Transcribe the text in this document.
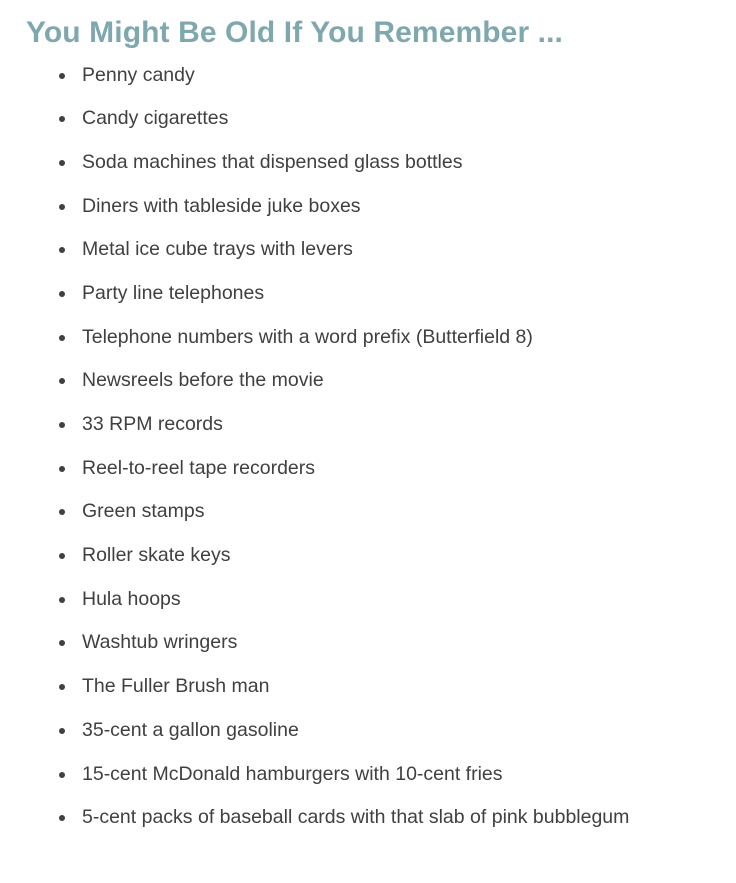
You Might Be Old If You Remember ...
Penny candy
Candy cigarettes
Soda machines that dispensed glass bottles
Diners with tableside juke boxes
Metal ice cube trays with levers
Party line telephones
Telephone numbers with a word prefix (Butterfield 8)
Newsreels before the movie
33 RPM records
Reel-to-reel tape recorders
Green stamps
Roller skate keys
Hula hoops
Washtub wringers
The Fuller Brush man
35-cent a gallon gasoline
15-cent McDonald hamburgers with 10-cent fries
5-cent packs of baseball cards with that slab of pink bubblegum
